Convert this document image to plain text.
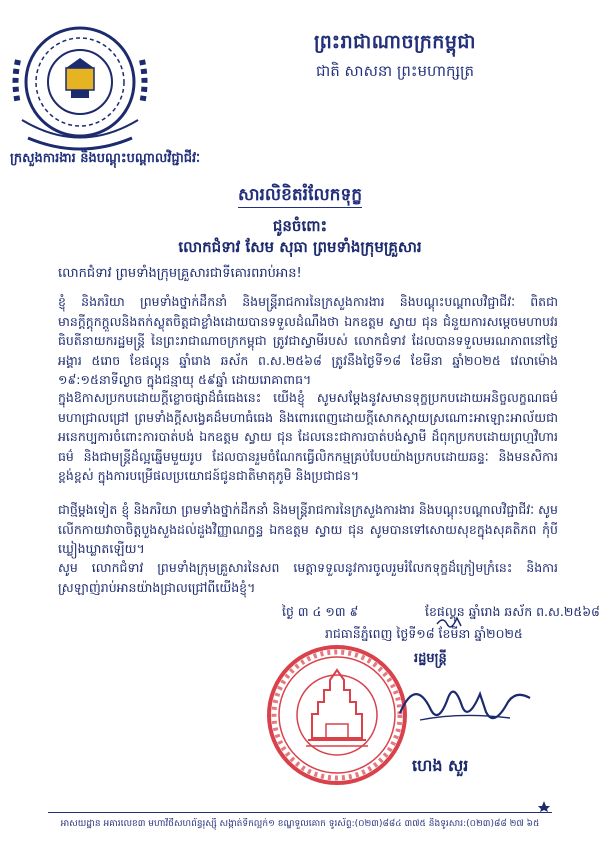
ព្រះរាជាណាចក្រកម្ពុជា
ជាតិ សាសនា ព្រះមហាក្សត្រ
ក្រសួងការងារ និងបណ្តុះបណ្តាលវិជ្ជាជីវៈ
សារលិខិតរំលែកទុក្ខ
ជូនចំពោះ
លោកជំទាវ សែម សុធា ព្រមទាំងក្រុមគ្រួសារ
លោកជំទាវ ព្រមទាំងក្រុមគ្រួសារជាទីគោរពរាប់អាន!
ខ្ញុំ និងភរិយា ព្រមទាំងថ្នាក់ដឹកនាំ និងមន្ត្រីរាជការនៃក្រសួងការងារ និងបណ្តុះបណ្តាលវិជ្ជាជីវៈ ពិតជាមានក្តីក្តុកក្តួលនិងតក់ស្លុតចិត្តជាខ្លាំងដោយបានទទួលដំណឹងថា ឯកឧត្តម ស្វាយ ជុន ជំនួយការសម្តេចមហាបវរធិបតីនាយករដ្ឋមន្ត្រី នៃព្រះរាជាណាចក្រកម្ពុជា ត្រូវជាស្វាមីរបស់ លោកជំទាវ ដែលបានទទួលមរណភាពនៅថ្ងៃអង្គារ ៥រោច ខែផល្គុន ឆ្នាំរោង ឆស័ក ព.ស.២៥៦៨ ត្រូវនឹងថ្ងៃទី១៨ ខែមីនា ឆ្នាំ២០២៥ វេលាម៉ោង ១៩:១៥នាទីល្ងាច ក្នុងជន្មាយុ ៥៩ឆ្នាំ ដោយរោគាពាធ។
ក្នុងឱកាសប្រកបដោយក្តីខ្លោចផ្សាដ៏ធំធេងនេះ យើងខ្ញុំ សូមសម្តែងនូវសមានទុក្ខប្រកបដោយអនិច្ចលក្ខណធម៌មហាជ្រាលជ្រៅ ព្រមទាំងក្តីសង្វេគដ៏មហាធំធេង និងពោរពេញដោយក្តីសោកស្តាយស្រណោះអាឡោះអាល័យជាអនេកប្បការចំពោះការបាត់បង់ ឯកឧត្តម ស្វាយ ជុន ដែលនេះជាការបាត់បង់ស្វាមី ដ៏ពុកប្រកបដោយព្រហ្មវិហារធម៌ និងជាមន្ត្រីដ៏ល្អឆ្នើមមួយរូប ដែលបានរួមចំណែកធ្វើលិកកម្មគ្រប់បែបយ៉ាងប្រកបដោយឆន្ទៈ និងមនសិការខ្ពង់ខ្ពស់ ក្នុងការបម្រើផលប្រយោជន៍ជូនជាតិមាតុភូមិ និងប្រជាជន។
ជាថ្មីម្តងទៀត ខ្ញុំ និងភរិយា ព្រមទាំងថ្នាក់ដឹកនាំ និងមន្ត្រីរាជការនៃក្រសួងការងារ និងបណ្តុះបណ្តាលវិជ្ជាជីវៈ សូមលើកកាយវាចាចិត្តបួងសួងដល់ដួងវិញ្ញាណក្ខន្ធ ឯកឧត្តម ស្វាយ ជុន សូមបានទៅសោយសុខក្នុងសុគតិភព កុំបីឃ្លៀងឃ្លាតឡើយ។
សូម លោកជំទាវ ព្រមទាំងក្រុមគ្រួសារនៃសព មេត្តាទទួលនូវការចូលរួមរំលែកទុក្ខដ៏ក្រៀមក្រំនេះ និងការស្រឡាញ់រាប់អានយ៉ាងជ្រាលជ្រៅពីយើងខ្ញុំ។
ថ្ងៃ ៣ ៤ ១៣ ៩	ខែផល្គុន ឆ្នាំរោង ឆស័ក ព.ស.២៥៦៨
រាជធានីភ្នំពេញ ថ្ងៃទី១៨ ខែមីនា ឆ្នាំ២០២៥
រដ្ឋមន្ត្រី
ហេង សួរ
អាសយដ្ឋាន អគារលេខ៣ មហាវិថីសហព័ន្ធរុស្ស៊ី សង្កាត់ទឹកល្អក់១ ខណ្ឌទួលគោក ទូរស័ព្ទ:(០២៣)៨៨៤ ៣៧៥ និងទូរសារ:(០២៣)៨៨ ២៧ ៦៥
